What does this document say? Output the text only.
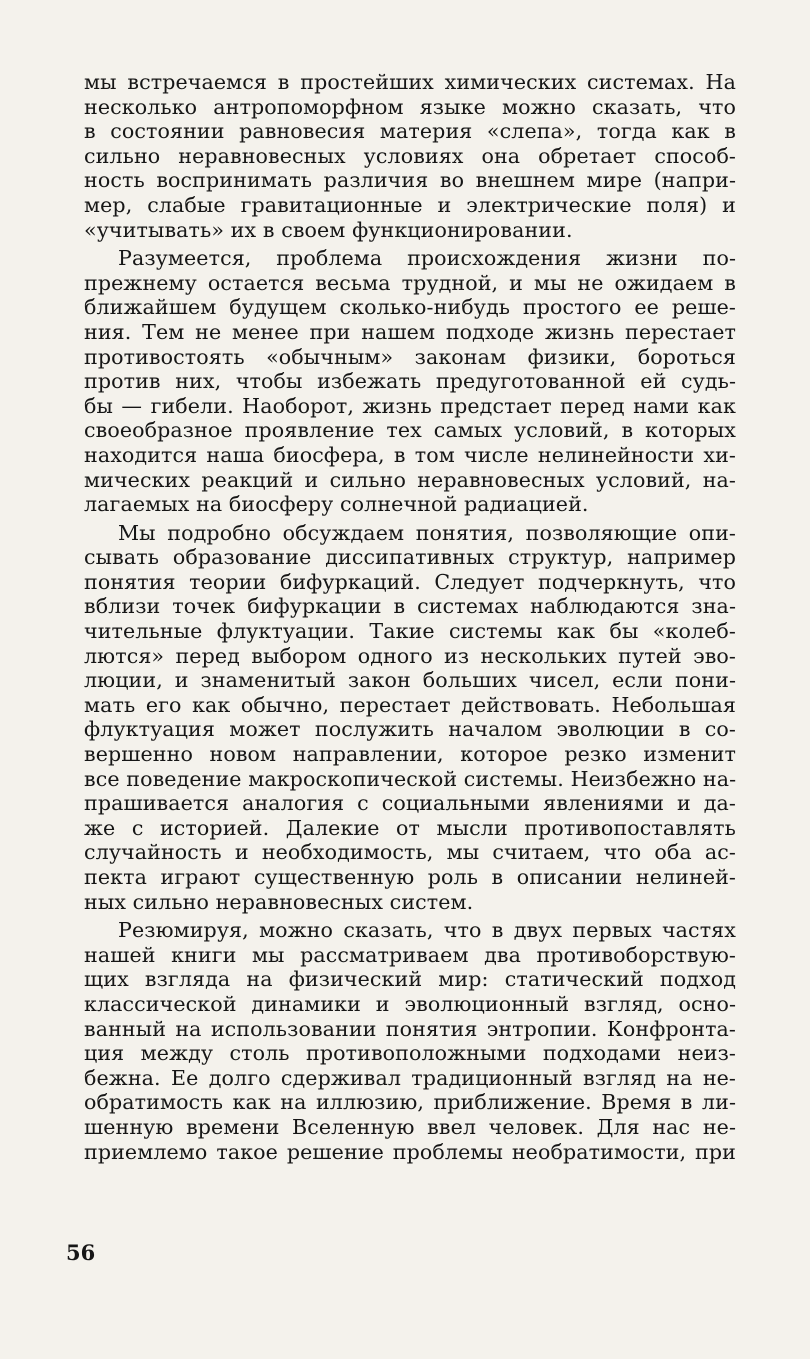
мы встречаемся в простейших химических системах. На
несколько антропоморфном языке можно сказать, что
в состоянии равновесия материя «слепа», тогда как в
сильно неравновесных условиях она обретает способ-
ность воспринимать различия во внешнем мире (напри-
мер, слабые гравитационные и электрические поля) и
«учитывать» их в своем функционировании.
Разумеется, проблема происхождения жизни по-
прежнему остается весьма трудной, и мы не ожидаем в
ближайшем будущем сколько-нибудь простого ее реше-
ния. Тем не менее при нашем подходе жизнь перестает
противостоять «обычным» законам физики, бороться
против них, чтобы избежать предуготованной ей судь-
бы — гибели. Наоборот, жизнь предстает перед нами как
своеобразное проявление тех самых условий, в которых
находится наша биосфера, в том числе нелинейности хи-
мических реакций и сильно неравновесных условий, на-
лагаемых на биосферу солнечной радиацией.
Мы подробно обсуждаем понятия, позволяющие опи-
сывать образование диссипативных структур, например
понятия теории бифуркаций. Следует подчеркнуть, что
вблизи точек бифуркации в системах наблюдаются зна-
чительные флуктуации. Такие системы как бы «колеб-
лются» перед выбором одного из нескольких путей эво-
люции, и знаменитый закон больших чисел, если пони-
мать его как обычно, перестает действовать. Небольшая
флуктуация может послужить началом эволюции в со-
вершенно новом направлении, которое резко изменит
все поведение макроскопической системы. Неизбежно на-
прашивается аналогия с социальными явлениями и да-
же с историей. Далекие от мысли противопоставлять
случайность и необходимость, мы считаем, что оба ас-
пекта играют существенную роль в описании нелиней-
ных сильно неравновесных систем.
Резюмируя, можно сказать, что в двух первых частях
нашей книги мы рассматриваем два противоборствую-
щих взгляда на физический мир: статический подход
классической динамики и эволюционный взгляд, осно-
ванный на использовании понятия энтропии. Конфронта-
ция между столь противоположными подходами неиз-
бежна. Ее долго сдерживал традиционный взгляд на не-
обратимость как на иллюзию, приближение. Время в ли-
шенную времени Вселенную ввел человек. Для нас не-
приемлемо такое решение проблемы необратимости, при
56
